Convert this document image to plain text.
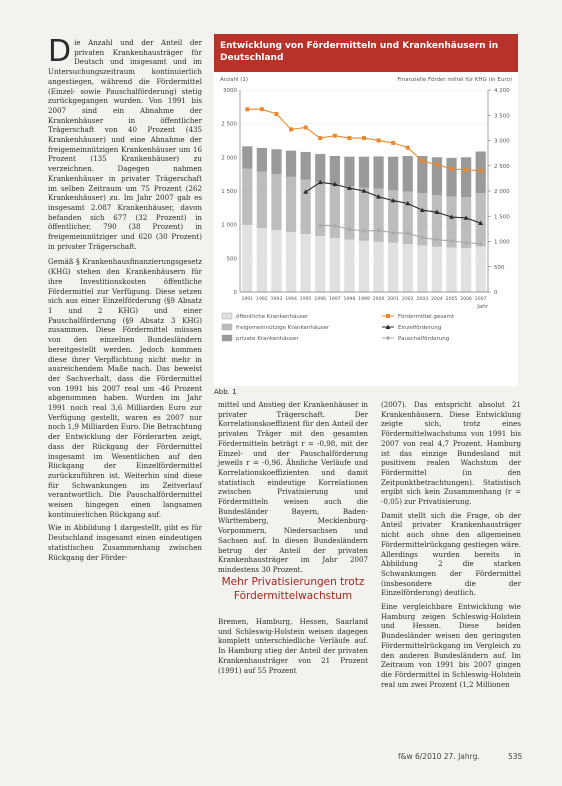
Die Anzahl und der Anteil der privaten Krankenhausträger für Deutsch und insgesamt und im Untersuchungszeitraum kontinuierlich angestiegen, während die Fördermittel (Einzel- sowie Pauschalförderung) stetig zurückgegangen wurden. Von 1991 bis 2007 sind ein Abnahme der Krankenhäuser in öffentlicher Trägerschaft von 40 Prozent (435 Krankenhäuser) und eine Abnahme der freigemeinnützigen Krankenhäuser um 16 Prozent (135 Krankenhäuser) zu verzeichnen. Dagegen nahmen Krankenhäuser in privater Trägerschaft im selben Zeitraum um 75 Prozent (262 Krankenhäuser) zu. Im Jahr 2007 gab es insgesamt 2.087 Krankenhäuser, davon befanden sich 677 (32 Prozent) in öffentlicher, 790 (38 Prozent) in freigemeinnütziger und 620 (30 Prozent) in privater Trägerschaft.

Gemäß § Krankenhausfinanzierungsgesetz (KHG) stehen den Krankenhäusern für ihre Investitionskosten öffentliche Fördermittel zur Verfügung. Diese setzen sich aus einer Einzelförderung (§9 Absatz 1 und 2 KHG) und einer Pauschalförderung (§9 Absatz 3 KHG) zusammen. Diese Fördermittel müssen von den einzelnen Bundesländern bereitgestellt werden. Jedoch kommen diese ihrer Verpflichtung nicht mehr in ausreichendem Maße nach. Das beweist der Sachverhalt, dass die Fördermittel von 1991 bis 2007 real um -46 Prozent abgenommen haben. Wurden im Jahr 1991 noch real 3,6 Milliarden Euro zur Verfügung gestellt, waren es 2007 nur noch 1,9 Milliarden Euro. Die Betrachtung der Entwicklung der Förderarten zeigt, dass der Rückgang der Fördermittel insgesamt im Wesentlichen auf den Rückgang der Einzelfördermittel zurückzuführen ist. Weiterhin sind diese für Schwankungen im Zeitverlauf verantwortlich. Die Pauschalfördermittel weisen hingegen einen langsamen kontinuierlichen Rückgang auf.

Wie in Abbildung 1 dargestellt, gibt es für Deutschland insgesamt einen eindeutigen statistischen Zusammenhang zwischen Rückgang der Förder-

Entwicklung von Fördermitteln und Krankenhäusern in Deutschland
Anzahl (1)	Finanzielle Förder mittel für KHG (in Euro)
0
500
1 000
1 500
2 000
2 500
3000
0
500
1 000
1 500
2 000
2 500
3 000
3 500
4 200
1991 1992 1993 1994 1995 1996 1997 1998 1999 2000 2001 2002 2003 2004 2005 2006 2007
Jahr
öffentliche Krankenhäuser
freigemeinnützige Krankenhäuser
private Krankenhäuser
Fördermittel gesamt
Einzelförderung
Pauschalförderung
Abb. 1

mittel und Anstieg der Krankenhäuser in privater Trägerschaft. Der Korrelationskoeffizient für den Anteil der privaten Träger mit den gesamten Fördermitteln beträgt r = -0,98, mit der Einzel- und der Pauschalförderung jeweils r = -0,96. Ähnliche Verläufe und Korrelationskoeffizienten und damit statistisch eindeutige Korrelationen zwischen Privatisierung und Fördermitteln weisen auch die Bundesländer Bayern, Baden-Württemberg, Mecklenburg-Vorpommern, Niedersachsen und Sachsen auf. In diesen Bundesländern betrug der Anteil der privaten Krankenhausträger im Jahr 2007 mindestens 30 Prozent.

Mehr Privatisierungen trotz Fördermittelwachstum

Bremen, Hamburg, Hessen, Saarland und Schleswig-Holstein weisen dagegen komplett unterschiedliche Verläufe auf. In Hamburg stieg der Anteil der privaten Krankenhausträger von 21 Prozent (1991) auf 55 Prozent

(2007). Das entspricht absolut 21 Krankenhäusern. Diese Entwicklung zeigte sich, trotz eines Fördermittelwachstums von 1991 bis 2007 von real 4,7 Prozent. Hamburg ist das einzige Bundesland mit positivem realen Wachstum der Fördermittel (in den Zeitpunktbetrachtungen). Statistisch ergibt sich kein Zusammenhang (r = -0,05) zur Privatisierung.

Damit stellt sich die Frage, ob der Anteil privater Krankenhausträger nicht auch ohne den allgemeinen Fördermittelrückgang gestiegen wäre. Allerdings wurden bereits in Abbildung 2 die starken Schwankungen der Fördermittel (insbesondere die der Einzelförderung) deutlich.

Eine vergleichbare Entwicklung wie Hamburg zeigen Schleswig-Holstein und Hessen. Diese beiden Bundesländer weisen den geringsten Fördermittelrückgang im Vergleich zu den anderen Bundesländern auf. Im Zeitraum von 1991 bis 2007 gingen die Fördermittel in Schleswig-Holstein real um zwei Prozent (1,2 Millionen

f&w 6/2010 27. Jahrg.	535
